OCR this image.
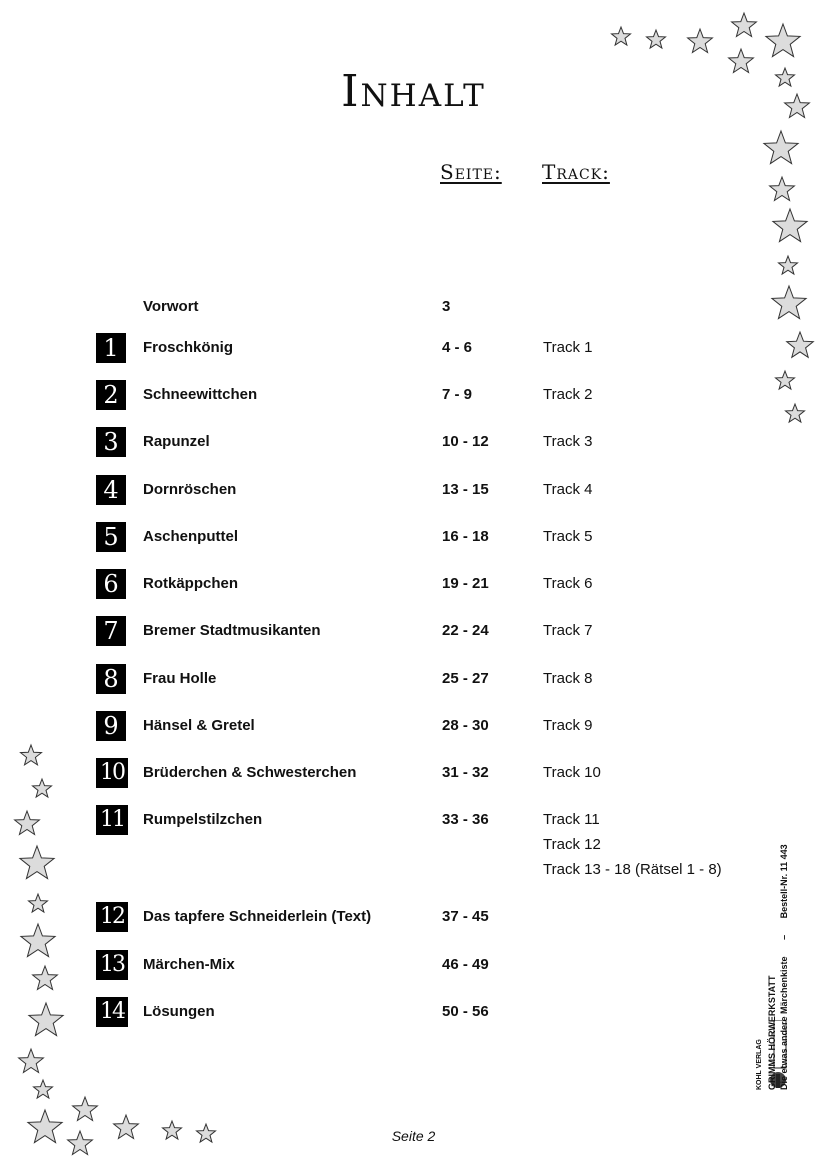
Inhalt
Seite: Track:
Vorwort	3
1	Froschkönig	4 - 6	Track 1
2	Schneewittchen	7 - 9	Track 2
3	Rapunzel	10 - 12	Track 3
4	Dornröschen	13 - 15	Track 4
5	Aschenputtel	16 - 18	Track 5
6	Rotkäppchen	19 - 21	Track 6
7	Bremer Stadtmusikanten	22 - 24	Track 7
8	Frau Holle	25 - 27	Track 8
9	Hänsel & Gretel	28 - 30	Track 9
10 Brüderchen & Schwesterchen	31 - 32	Track 10
11 Rumpelstilzchen	33 - 36	Track 11
Track 12
Track 13 - 18 (Rätsel 1 - 8)
12 Das tapfere Schneiderlein (Text)	37 - 45
13 Märchen-Mix	46 - 49
14 Lösungen	50 - 56
Seite 2
KOHL VERLAG GRIMMS HÖRWERKSTATT Die etwas andere Märchenkiste – Bestell-Nr. 11 443
